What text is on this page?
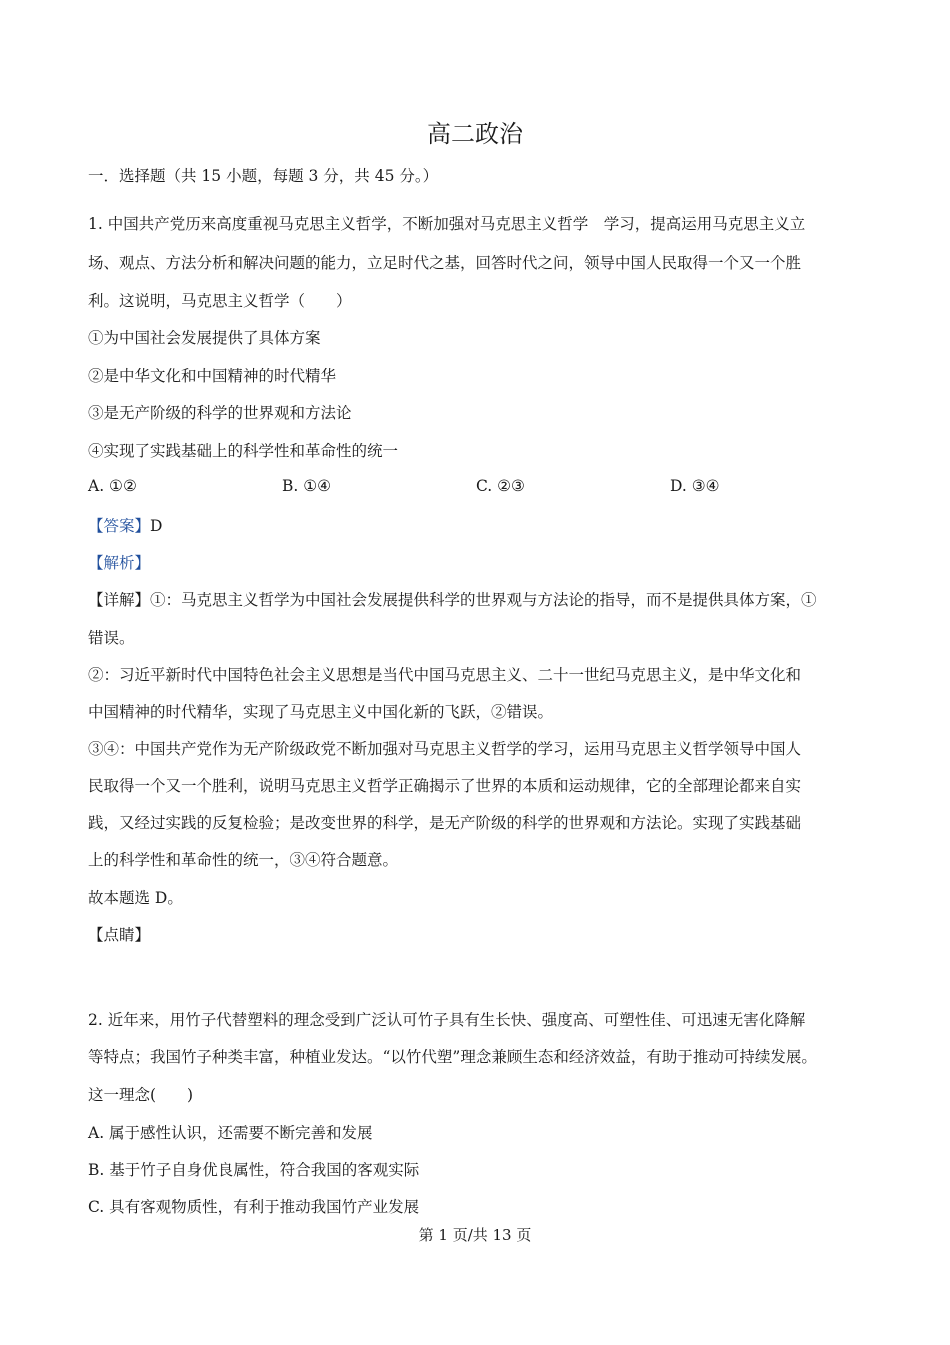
高二政治
一．选择题（共 15 小题，每题 3 分，共 45 分。）
1. 中国共产党历来高度重视马克思主义哲学，不断加强对马克思主义哲学　学习，提高运用马克思主义立
场、观点、方法分析和解决问题的能力，立足时代之基，回答时代之问，领导中国人民取得一个又一个胜
利。这说明，马克思主义哲学（　　）
①为中国社会发展提供了具体方案
②是中华文化和中国精神的时代精华
③是无产阶级的科学的世界观和方法论
④实现了实践基础上的科学性和革命性的统一
A. ①②	B. ①④	C. ②③	D. ③④
【答案】D
【解析】
【详解】①：马克思主义哲学为中国社会发展提供科学的世界观与方法论的指导，而不是提供具体方案，①
错误。
②：习近平新时代中国特色社会主义思想是当代中国马克思主义、二十一世纪马克思主义，是中华文化和
中国精神的时代精华，实现了马克思主义中国化新的飞跃，②错误。
③④：中国共产党作为无产阶级政党不断加强对马克思主义哲学的学习，运用马克思主义哲学领导中国人
民取得一个又一个胜利，说明马克思主义哲学正确揭示了世界的本质和运动规律，它的全部理论都来自实
践，又经过实践的反复检验；是改变世界的科学，是无产阶级的科学的世界观和方法论。实现了实践基础
上的科学性和革命性的统一，③④符合题意。
故本题选 D。
【点睛】
2. 近年来，用竹子代替塑料的理念受到广泛认可竹子具有生长快、强度高、可塑性佳、可迅速无害化降解
等特点；我国竹子种类丰富，种植业发达。“以竹代塑”理念兼顾生态和经济效益，有助于推动可持续发展。
这一理念(　　)
A. 属于感性认识，还需要不断完善和发展
B. 基于竹子自身优良属性，符合我国的客观实际
C. 具有客观物质性，有利于推动我国竹产业发展
第 1 页/共 13 页
